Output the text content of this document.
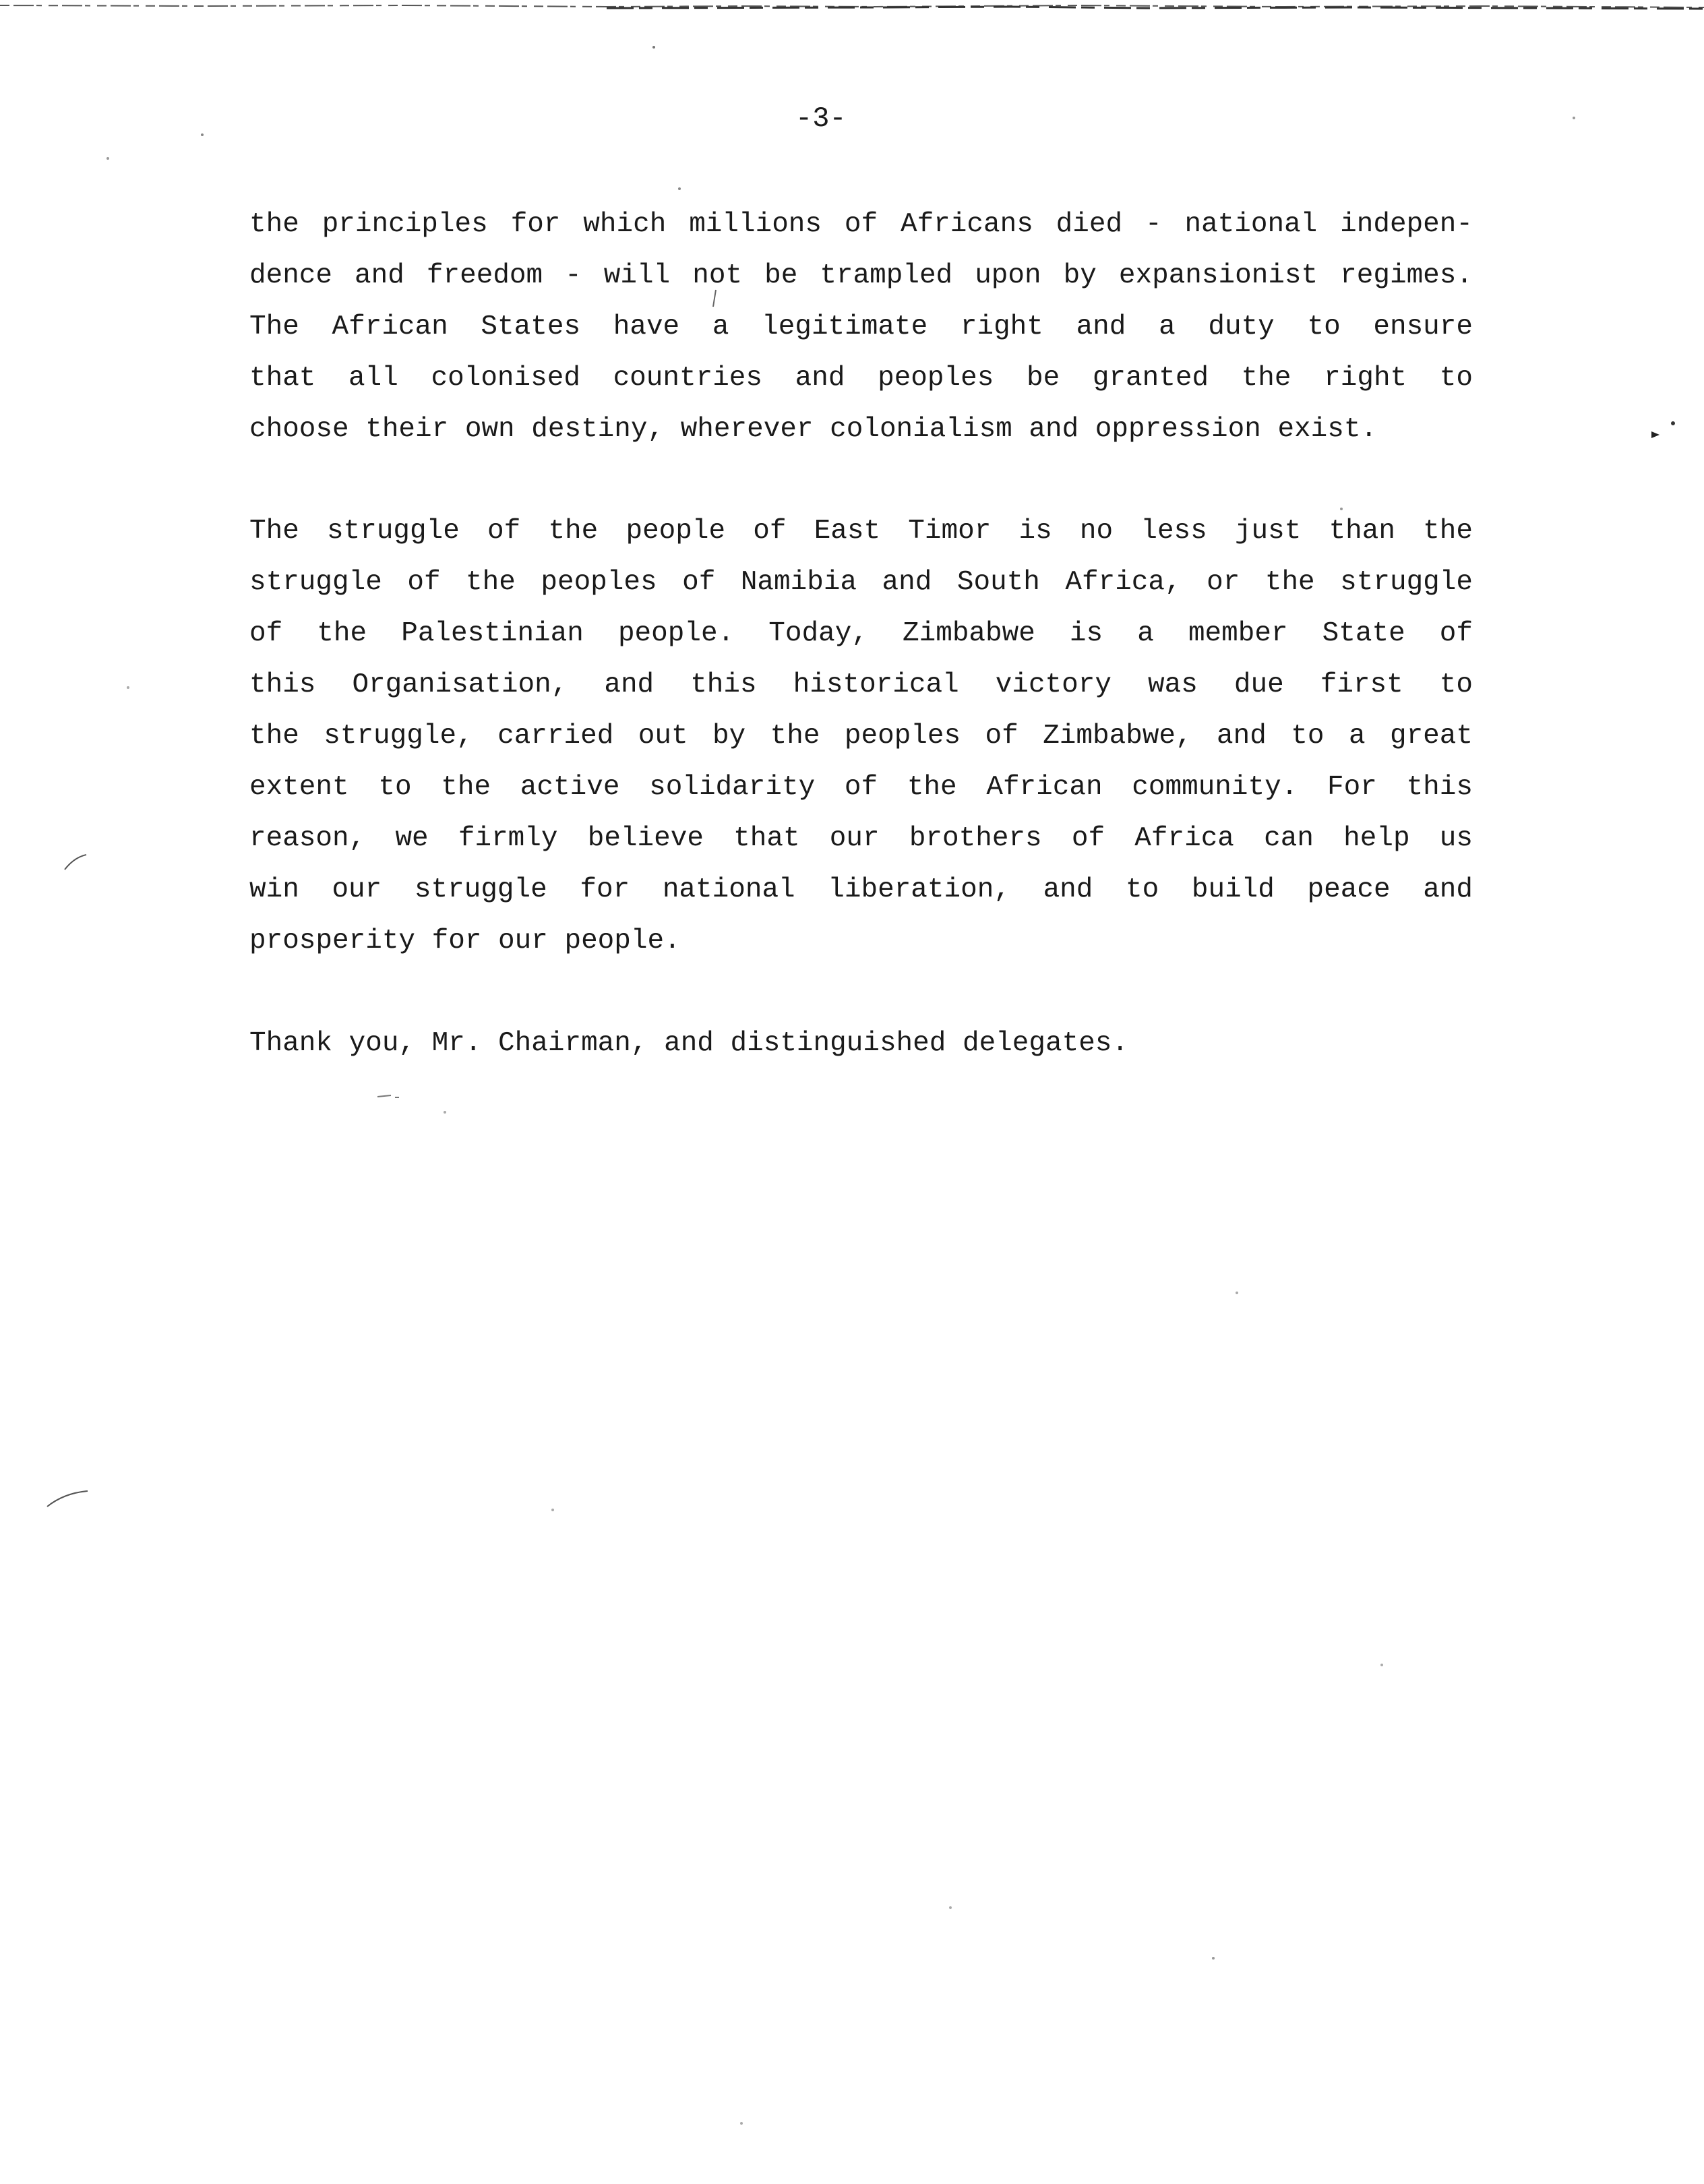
-3-
the principles for which millions of Africans died - national indepen-
dence and freedom - will not be trampled upon by expansionist regimes.
The African States have a legitimate right and a duty to ensure
that all colonised countries and peoples be granted the right to
choose their own destiny, wherever colonialism and oppression exist.
The struggle of the people of East Timor is no less just than the
struggle of the peoples of Namibia and South Africa, or the struggle
of the Palestinian people. Today, Zimbabwe is a member State of
this Organisation, and this historical victory was due first to
the struggle, carried out by the peoples of Zimbabwe, and to a great
extent to the active solidarity of the African community. For this
reason, we firmly believe that our brothers of Africa can help us
win our struggle for national liberation, and to build peace and
prosperity for our people.
Thank you, Mr. Chairman, and distinguished delegates.
